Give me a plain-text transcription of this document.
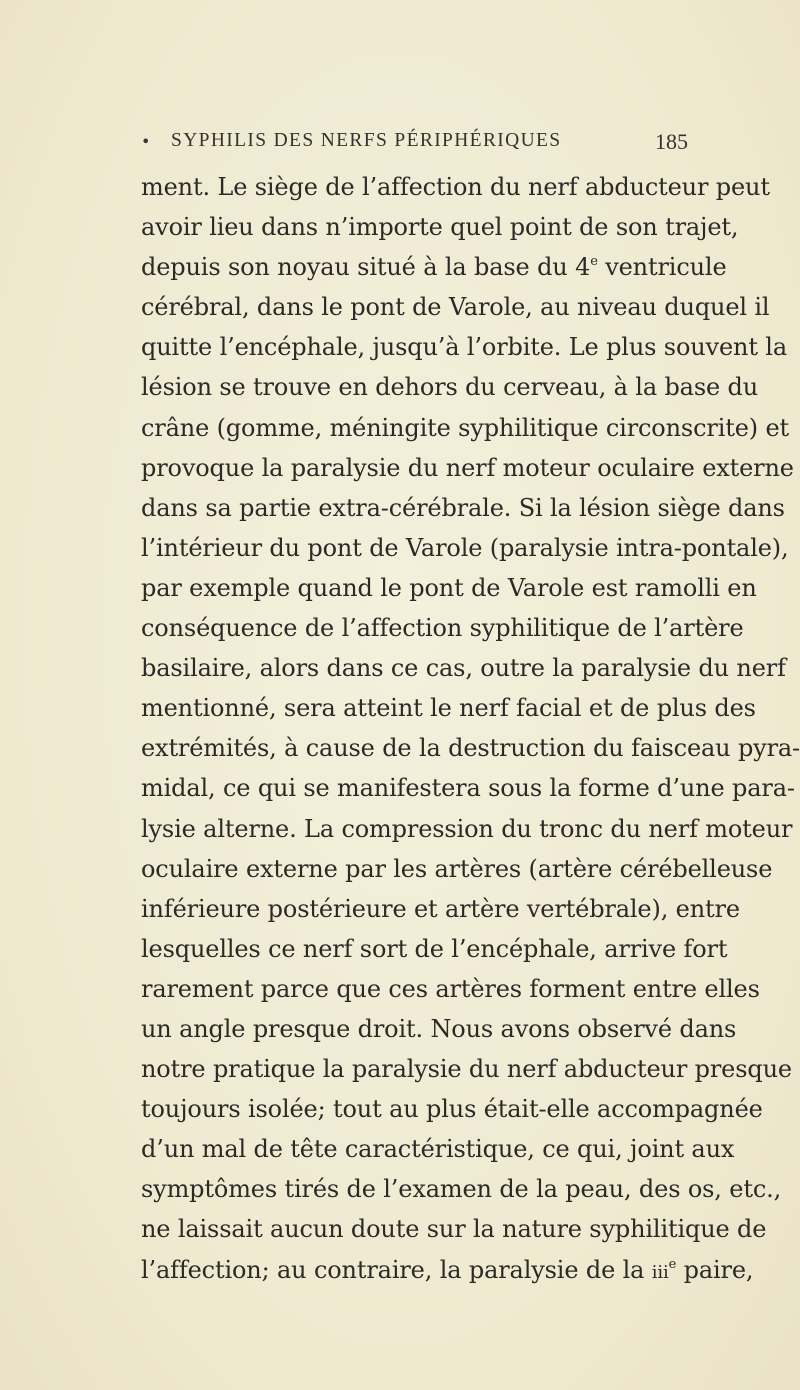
• SYPHILIS DES NERFS PÉRIPHÉRIQUES	185
ment. Le siège de l’affection du nerf abducteur peut
avoir lieu dans n’importe quel point de son trajet,
depuis son noyau situé à la base du 4e ventricule
cérébral, dans le pont de Varole, au niveau duquel il
quitte l’encéphale, jusqu’à l’orbite. Le plus souvent la
lésion se trouve en dehors du cerveau, à la base du
crâne (gomme, méningite syphilitique circonscrite) et
provoque la paralysie du nerf moteur oculaire externe
dans sa partie extra-cérébrale. Si la lésion siège dans
l’intérieur du pont de Varole (paralysie intra-pontale),
par exemple quand le pont de Varole est ramolli en
conséquence de l’affection syphilitique de l’artère
basilaire, alors dans ce cas, outre la paralysie du nerf
mentionné, sera atteint le nerf facial et de plus des
extrémités, à cause de la destruction du faisceau pyra-
midal, ce qui se manifestera sous la forme d’une para-
lysie alterne. La compression du tronc du nerf moteur
oculaire externe par les artères (artère cérébelleuse
inférieure postérieure et artère vertébrale), entre
lesquelles ce nerf sort de l’encéphale, arrive fort
rarement parce que ces artères forment entre elles
un angle presque droit. Nous avons observé dans
notre pratique la paralysie du nerf abducteur presque
toujours isolée; tout au plus était-elle accompagnée
d’un mal de tête caractéristique, ce qui, joint aux
symptômes tirés de l’examen de la peau, des os, etc.,
ne laissait aucun doute sur la nature syphilitique de
l’affection; au contraire, la paralysie de la iii$^e$ paire,
